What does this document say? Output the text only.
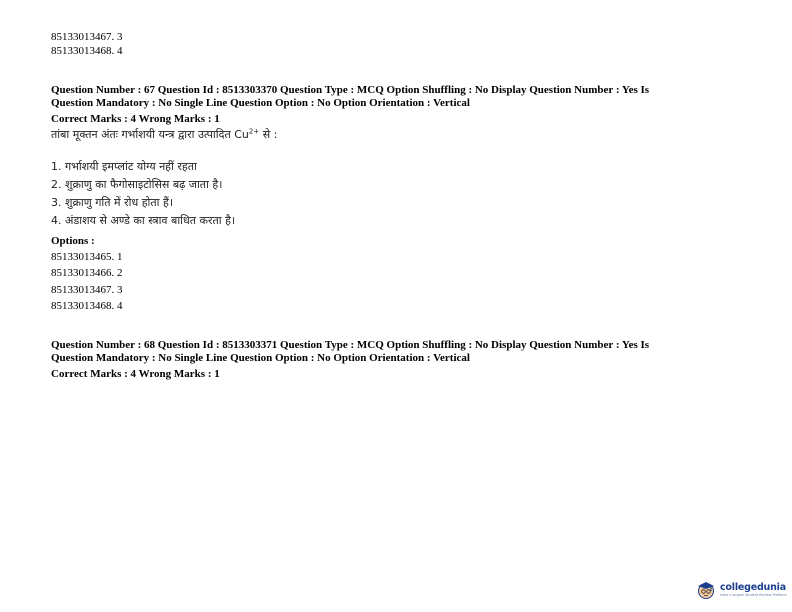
85133013467. 3
85133013468. 4
Question Number : 67 Question Id : 8513303370 Question Type : MCQ Option Shuffling : No Display Question Number : Yes Is
Question Mandatory : No Single Line Question Option : No Option Orientation : Vertical
Correct Marks : 4 Wrong Marks : 1
तांबा मूक्तन अंतः गर्भाशयी यन्त्र द्वारा उत्पादित $Cu^{2+}$ से :
1. गर्भाशयी इमप्लांट योग्य नहीं रहता
2. शुक्राणु का फैगोसाइटोसिस बढ़ जाता है।
3. शुक्राणु गति में रोध होता हैं।
4. अंडाशय से अण्डे का स्त्राव बाधित करता है।
Options :
85133013465. 1
85133013466. 2
85133013467. 3
85133013468. 4
Question Number : 68 Question Id : 8513303371 Question Type : MCQ Option Shuffling : No Display Question Number : Yes Is
Question Mandatory : No Single Line Question Option : No Option Orientation : Vertical
Correct Marks : 4 Wrong Marks : 1
collegedunia
India's largest Student Review Platform
